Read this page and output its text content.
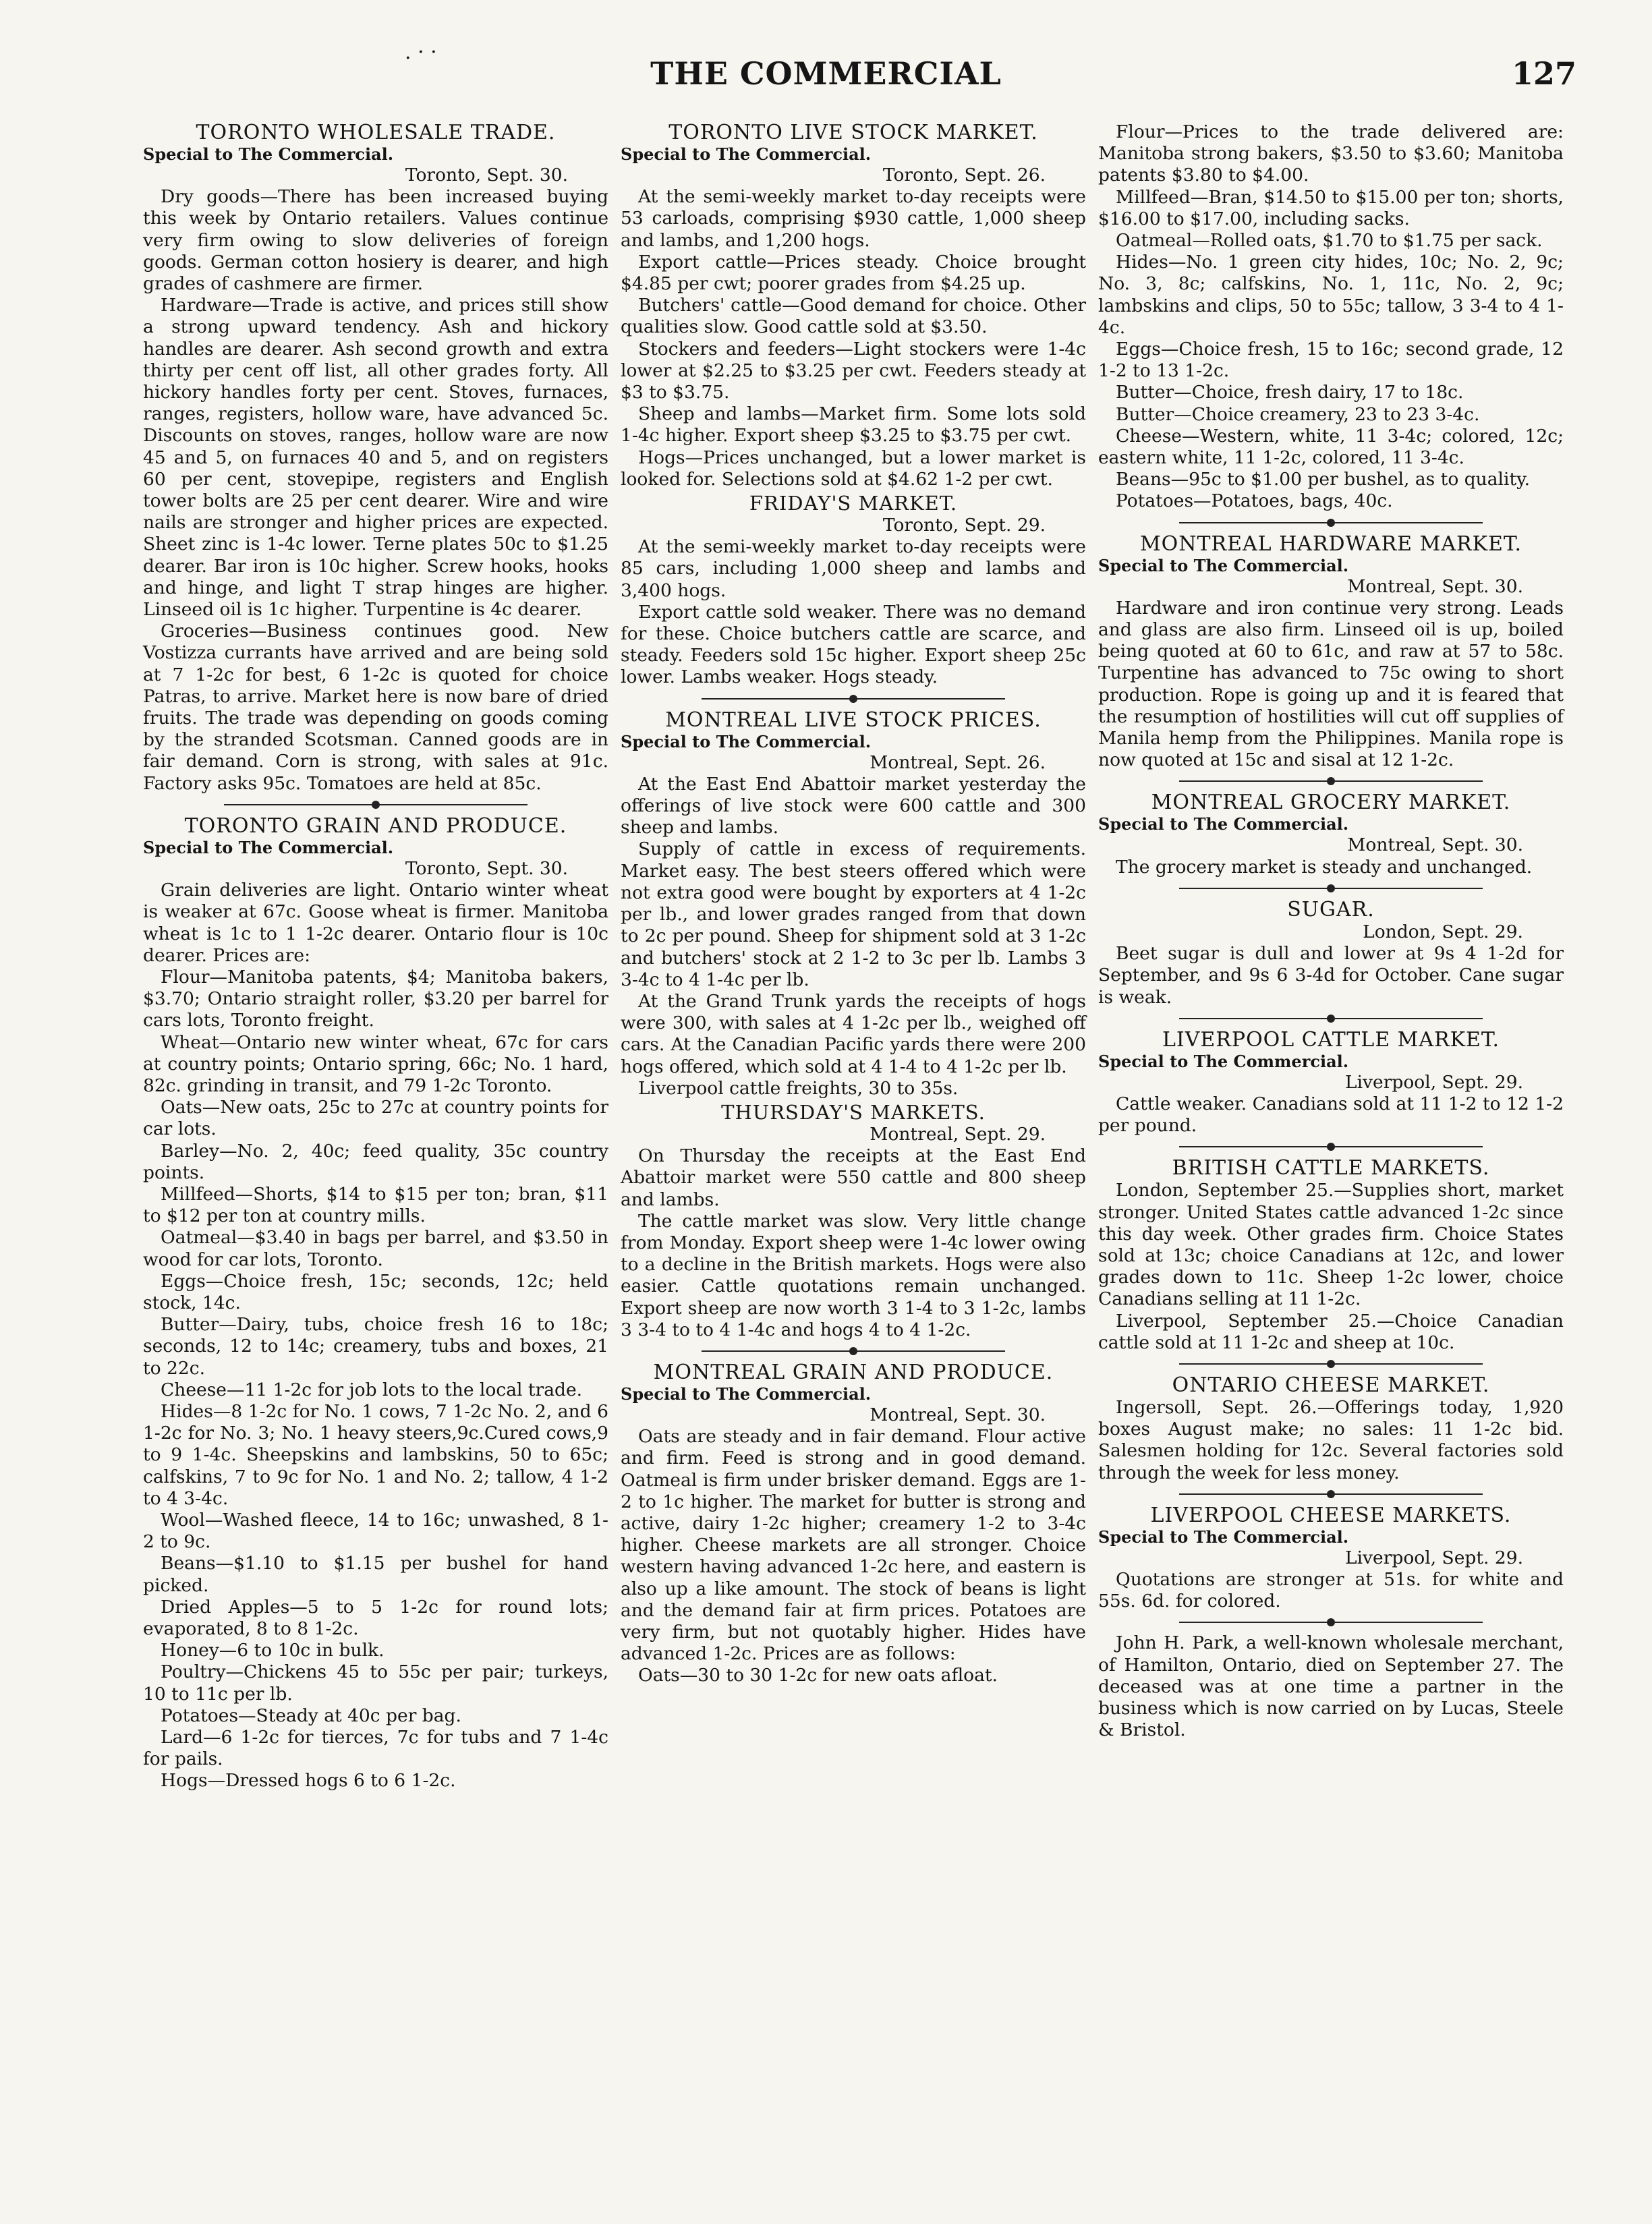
. · ·
THE COMMERCIAL	127
TORONTO WHOLESALE TRADE.
Special to The Commercial.
Toronto, Sept. 30.

Dry goods—There has been increased buying this week by Ontario retailers. Values continue very firm owing to slow deliveries of foreign goods. German cotton hosiery is dearer, and high grades of cashmere are firmer.

Hardware—Trade is active, and prices still show a strong upward tendency. Ash and hickory handles are dearer. Ash second growth and extra thirty per cent off list, all other grades forty. All hickory handles forty per cent. Stoves, furnaces, ranges, registers, hollow ware, have advanced 5c. Discounts on stoves, ranges, hollow ware are now 45 and 5, on furnaces 40 and 5, and on registers 60 per cent, stovepipe, registers and English tower bolts are 25 per cent dearer. Wire and wire nails are stronger and higher prices are expected. Sheet zinc is 1-4c lower. Terne plates 50c to $1.25 dearer. Bar iron is 10c higher. Screw hooks, hooks and hinge, and light T strap hinges are higher. Linseed oil is 1c higher. Turpentine is 4c dearer.

Groceries—Business continues good. New Vostizza currants have arrived and are being sold at 7 1-2c for best, 6 1-2c is quoted for choice Patras, to arrive. Market here is now bare of dried fruits. The trade was depending on goods coming by the stranded Scotsman. Canned goods are in fair demand. Corn is strong, with sales at 91c. Factory asks 95c. Tomatoes are held at 85c.

TORONTO GRAIN AND PRODUCE.
Special to The Commercial.
Toronto, Sept. 30.

Grain deliveries are light. Ontario winter wheat is weaker at 67c. Goose wheat is firmer. Manitoba wheat is 1c to 1 1-2c dearer. Ontario flour is 10c dearer. Prices are:

Flour—Manitoba patents, $4; Manitoba bakers, $3.70; Ontario straight roller, $3.20 per barrel for cars lots, Toronto freight.

Wheat—Ontario new winter wheat, 67c for cars at country points; Ontario spring, 66c; No. 1 hard, 82c. grinding in transit, and 79 1-2c Toronto.

Oats—New oats, 25c to 27c at country points for car lots.

Barley—No. 2, 40c; feed quality, 35c country points.

Millfeed—Shorts, $14 to $15 per ton; bran, $11 to $12 per ton at country mills.

Oatmeal—$3.40 in bags per barrel, and $3.50 in wood for car lots, Toronto.

Eggs—Choice fresh, 15c; seconds, 12c; held stock, 14c.

Butter—Dairy, tubs, choice fresh 16 to 18c; seconds, 12 to 14c; creamery, tubs and boxes, 21 to 22c.

Cheese—11 1-2c for job lots to the local trade.

Hides—8 1-2c for No. 1 cows, 7 1-2c No. 2, and 6 1-2c for No. 3; No. 1 heavy steers,9c.Cured cows,9 to 9 1-4c. Sheepskins and lambskins, 50 to 65c; calfskins, 7 to 9c for No. 1 and No. 2; tallow, 4 1-2 to 4 3-4c.

Wool—Washed fleece, 14 to 16c; unwashed, 8 1-2 to 9c.

Beans—$1.10 to $1.15 per bushel for hand picked.

Dried Apples—5 to 5 1-2c for round lots; evaporated, 8 to 8 1-2c.

Honey—6 to 10c in bulk.

Poultry—Chickens 45 to 55c per pair; turkeys, 10 to 11c per lb.

Potatoes—Steady at 40c per bag.

Lard—6 1-2c for tierces, 7c for tubs and 7 1-4c for pails.

Hogs—Dressed hogs 6 to 6 1-2c.

TORONTO LIVE STOCK MARKET.
Special to The Commercial.
Toronto, Sept. 26.

At the semi-weekly market to-day receipts were 53 carloads, comprising $930 cattle, 1,000 sheep and lambs, and 1,200 hogs.

Export cattle—Prices steady. Choice brought $4.85 per cwt; poorer grades from $4.25 up.

Butchers' cattle—Good demand for choice. Other qualities slow. Good cattle sold at $3.50.

Stockers and feeders—Light stockers were 1-4c lower at $2.25 to $3.25 per cwt. Feeders steady at $3 to $3.75.

Sheep and lambs—Market firm. Some lots sold 1-4c higher. Export sheep $3.25 to $3.75 per cwt.

Hogs—Prices unchanged, but a lower market is looked for. Selections sold at $4.62 1-2 per cwt.

FRIDAY'S MARKET.
Toronto, Sept. 29.

At the semi-weekly market to-day receipts were 85 cars, including 1,000 sheep and lambs and 3,400 hogs.

Export cattle sold weaker. There was no demand for these. Choice butchers cattle are scarce, and steady. Feeders sold 15c higher. Export sheep 25c lower. Lambs weaker. Hogs steady.

MONTREAL LIVE STOCK PRICES.
Special to The Commercial.
Montreal, Sept. 26.

At the East End Abattoir market yesterday the offerings of live stock were 600 cattle and 300 sheep and lambs.

Supply of cattle in excess of requirements. Market easy. The best steers offered which were not extra good were bought by exporters at 4 1-2c per lb., and lower grades ranged from that down to 2c per pound. Sheep for shipment sold at 3 1-2c and butchers' stock at 2 1-2 to 3c per lb. Lambs 3 3-4c to 4 1-4c per lb.

At the Grand Trunk yards the receipts of hogs were 300, with sales at 4 1-2c per lb., weighed off cars. At the Canadian Pacific yards there were 200 hogs offered, which sold at 4 1-4 to 4 1-2c per lb.

Liverpool cattle freights, 30 to 35s.

THURSDAY'S MARKETS.
Montreal, Sept. 29.

On Thursday the receipts at the East End Abattoir market were 550 cattle and 800 sheep and lambs.

The cattle market was slow. Very little change from Monday. Export sheep were 1-4c lower owing to a decline in the British markets. Hogs were also easier. Cattle quotations remain unchanged. Export sheep are now worth 3 1-4 to 3 1-2c, lambs 3 3-4 to to 4 1-4c and hogs 4 to 4 1-2c.

MONTREAL GRAIN AND PRODUCE.
Special to The Commercial.
Montreal, Sept. 30.

Oats are steady and in fair demand. Flour active and firm. Feed is strong and in good demand. Oatmeal is firm under brisker demand. Eggs are 1-2 to 1c higher. The market for butter is strong and active, dairy 1-2c higher; creamery 1-2 to 3-4c higher. Cheese markets are all stronger. Choice western having advanced 1-2c here, and eastern is also up a like amount. The stock of beans is light and the demand fair at firm prices. Potatoes are very firm, but not quotably higher. Hides have advanced 1-2c. Prices are as follows:

Oats—30 to 30 1-2c for new oats afloat.

Flour—Prices to the trade delivered are: Manitoba strong bakers, $3.50 to $3.60; Manitoba patents $3.80 to $4.00.

Millfeed—Bran, $14.50 to $15.00 per ton; shorts, $16.00 to $17.00, including sacks.

Oatmeal—Rolled oats, $1.70 to $1.75 per sack.

Hides—No. 1 green city hides, 10c; No. 2, 9c; No. 3, 8c; calfskins, No. 1, 11c, No. 2, 9c; lambskins and clips, 50 to 55c; tallow, 3 3-4 to 4 1-4c.

Eggs—Choice fresh, 15 to 16c; second grade, 12 1-2 to 13 1-2c.

Butter—Choice, fresh dairy, 17 to 18c.

Butter—Choice creamery, 23 to 23 3-4c.

Cheese—Western, white, 11 3-4c; colored, 12c; eastern white, 11 1-2c, colored, 11 3-4c.

Beans—95c to $1.00 per bushel, as to quality.

Potatoes—Potatoes, bags, 40c.

MONTREAL HARDWARE MARKET.
Special to The Commercial.
Montreal, Sept. 30.

Hardware and iron continue very strong. Leads and glass are also firm. Linseed oil is up, boiled being quoted at 60 to 61c, and raw at 57 to 58c. Turpentine has advanced to 75c owing to short production. Rope is going up and it is feared that the resumption of hostilities will cut off supplies of Manila hemp from the Philippines. Manila rope is now quoted at 15c and sisal at 12 1-2c.

MONTREAL GROCERY MARKET.
Special to The Commercial.
Montreal, Sept. 30.

The grocery market is steady and unchanged.

SUGAR.
London, Sept. 29.

Beet sugar is dull and lower at 9s 4 1-2d for September, and 9s 6 3-4d for October. Cane sugar is weak.

LIVERPOOL CATTLE MARKET.
Special to The Commercial.
Liverpool, Sept. 29.

Cattle weaker. Canadians sold at 11 1-2 to 12 1-2 per pound.

BRITISH CATTLE MARKETS.

London, September 25.—Supplies short, market stronger. United States cattle advanced 1-2c since this day week. Other grades firm. Choice States sold at 13c; choice Canadians at 12c, and lower grades down to 11c. Sheep 1-2c lower, choice Canadians selling at 11 1-2c.

Liverpool, September 25.—Choice Canadian cattle sold at 11 1-2c and sheep at 10c.

ONTARIO CHEESE MARKET.

Ingersoll, Sept. 26.—Offerings today, 1,920 boxes August make; no sales: 11 1-2c bid. Salesmen holding for 12c. Several factories sold through the week for less money.

LIVERPOOL CHEESE MARKETS.
Special to The Commercial.
Liverpool, Sept. 29.

Quotations are stronger at 51s. for white and 55s. 6d. for colored.

John H. Park, a well-known wholesale merchant, of Hamilton, Ontario, died on September 27. The deceased was at one time a partner in the business which is now carried on by Lucas, Steele & Bristol.
